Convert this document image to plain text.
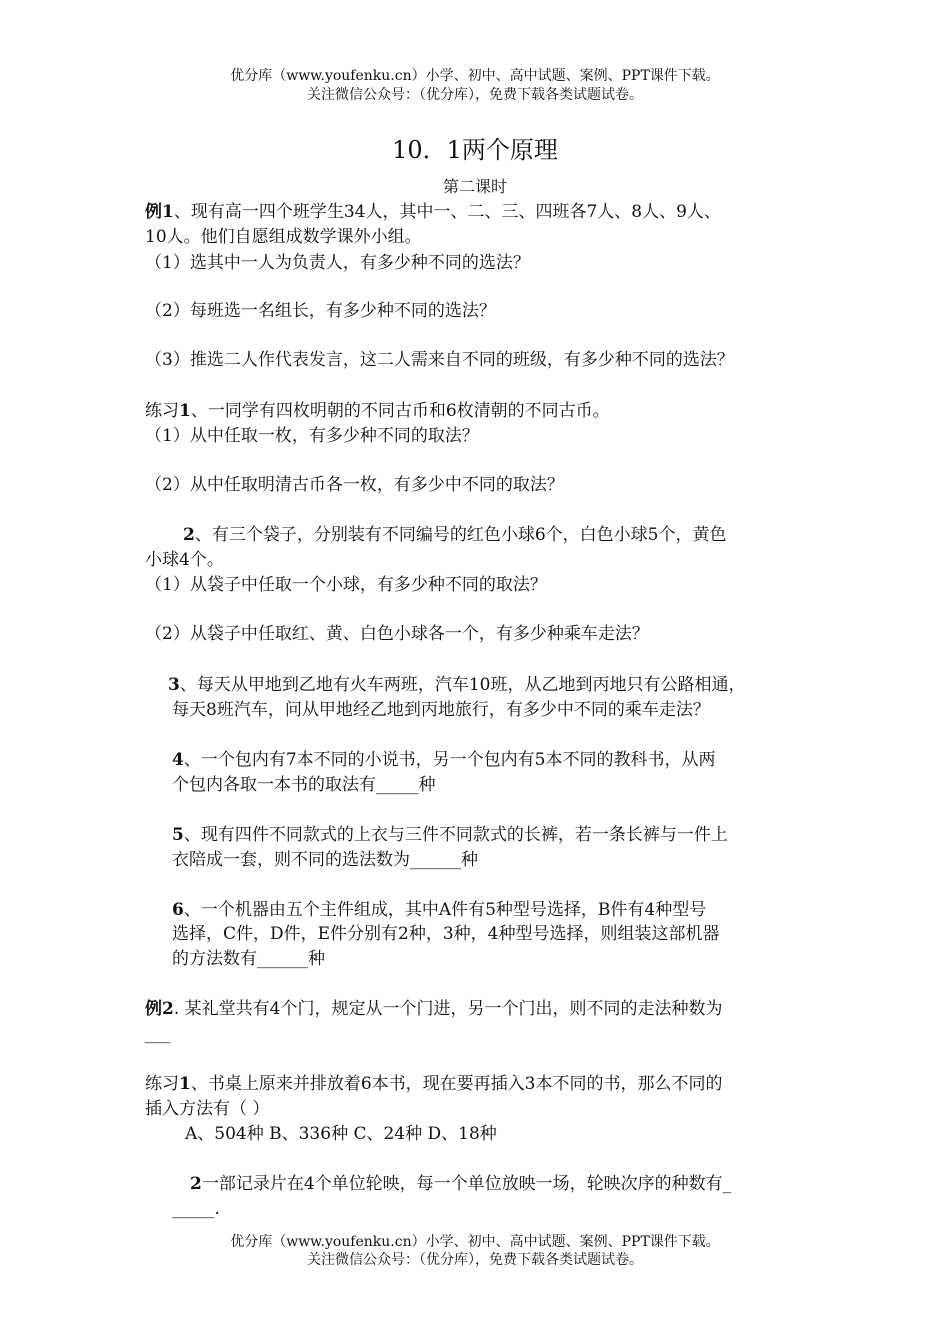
优分库（www.youfenku.cn）小学、初中、高中试题、案例、PPT课件下载。
关注微信公众号：（优分库），免费下载各类试题试卷。
10．1两个原理
第二课时
例1、现有高一四个班学生34人，其中一、二、三、四班各7人、8人、9人、
10人。他们自愿组成数学课外小组。
（1）选其中一人为负责人，有多少种不同的选法？
（2）每班选一名组长，有多少种不同的选法？
（3）推选二人作代表发言，这二人需来自不同的班级，有多少种不同的选法？
练习1、一同学有四枚明朝的不同古币和6枚清朝的不同古币。
（1）从中任取一枚，有多少种不同的取法？
（2）从中任取明清古币各一枚，有多少中不同的取法？
2、有三个袋子，分别装有不同编号的红色小球6个，白色小球5个，黄色
小球4个。
（1）从袋子中任取一个小球，有多少种不同的取法？
（2）从袋子中任取红、黄、白色小球各一个，有多少种乘车走法？
3、每天从甲地到乙地有火车两班，汽车10班，从乙地到丙地只有公路相通，
每天8班汽车，问从甲地经乙地到丙地旅行，有多少中不同的乘车走法？
4、一个包内有7本不同的小说书，另一个包内有5本不同的教科书，从两
个包内各取一本书的取法有_____种
5、现有四件不同款式的上衣与三件不同款式的长裤，若一条长裤与一件上
衣陪成一套，则不同的选法数为______种
6、一个机器由五个主件组成，其中A件有5种型号选择，B件有4种型号
选择，C件，D件，E件分别有2种，3种，4种型号选择，则组装这部机器
的方法数有______种
例2. 某礼堂共有4个门，规定从一个门进，另一个门出，则不同的走法种数为
___
练习1、书桌上原来并排放着6本书，现在要再插入3本不同的书，那么不同的
插入方法有（ ）
A、504种 B、336种 C、24种 D、18种
2一部记录片在4个单位轮映，每一个单位放映一场，轮映次序的种数有_
_____.
优分库（www.youfenku.cn）小学、初中、高中试题、案例、PPT课件下载。
关注微信公众号：（优分库），免费下载各类试题试卷。
